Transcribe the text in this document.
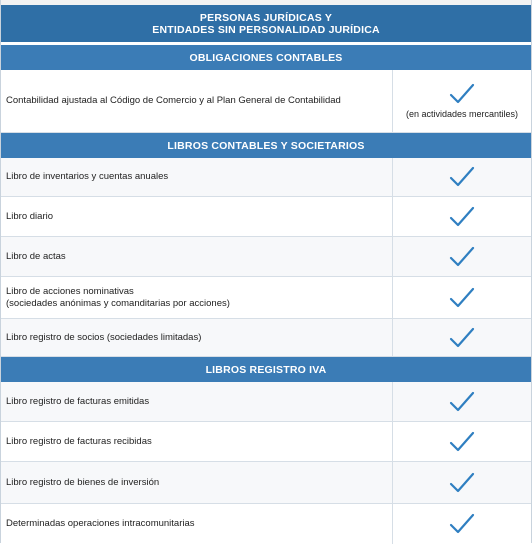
PERSONAS JURÍDICAS Y
ENTIDADES SIN PERSONALIDAD JURÍDICA
OBLIGACIONES CONTABLES
Contabilidad ajustada al Código de Comercio y al Plan General de Contabilidad
(en actividades mercantiles)
LIBROS CONTABLES Y SOCIETARIOS
Libro de inventarios y cuentas anuales
Libro diario
Libro de actas
Libro de acciones nominativas
(sociedades anónimas y comanditarias por acciones)
Libro registro de socios (sociedades limitadas)
LIBROS REGISTRO IVA
Libro registro de facturas emitidas
Libro registro de facturas recibidas
Libro registro de bienes de inversión
Determinadas operaciones intracomunitarias
